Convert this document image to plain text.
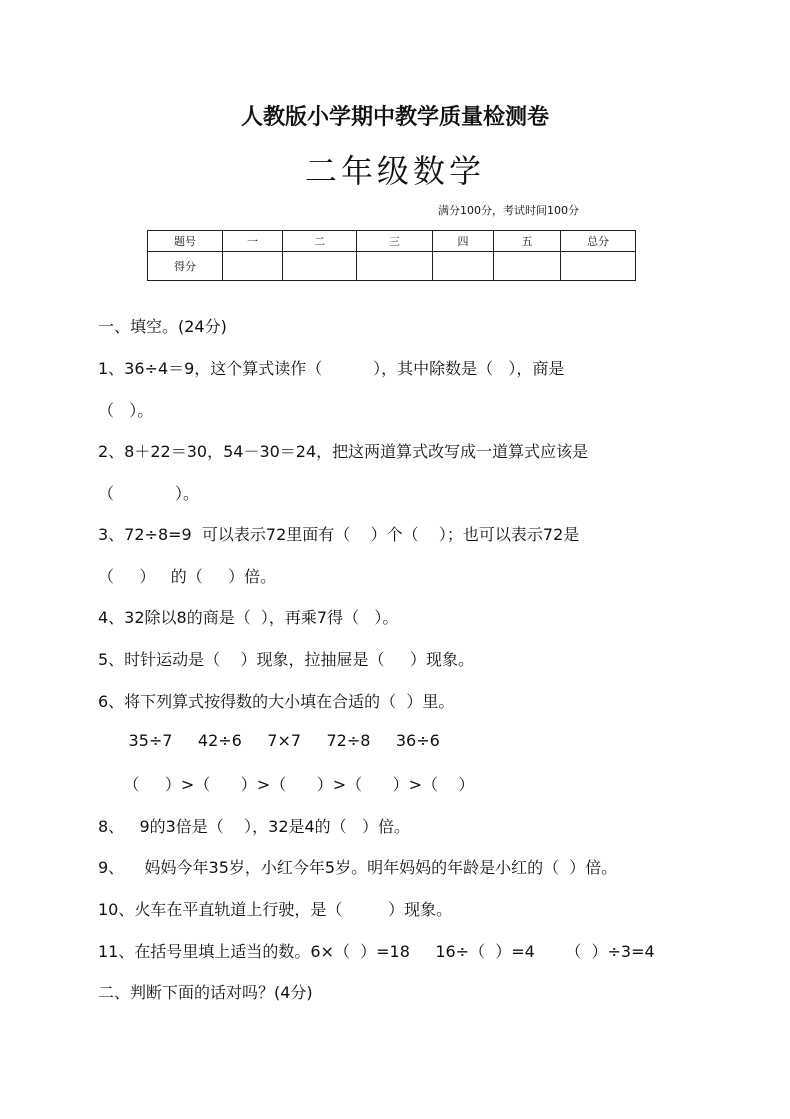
人教版小学期中教学质量检测卷
二年级数学
满分100分，考试时间100分
题号	一	二	三	四	五	总分
得分						
一、填空。(24分)
1、36÷4＝9，这个算式读作（          ），其中除数是（   ），商是
（   ）。
2、8＋22＝30，54－30＝24，把这两道算式改写成一道算式应该是
（            ）。
3、72÷8=9  可以表示72里面有（    ）个（    ）；也可以表示72是
（     ）   的（     ）倍。
4、32除以8的商是（  ），再乘7得（   ）。
5、时针运动是（    ）现象，拉抽屉是（     ）现象。
6、将下列算式按得数的大小填在合适的（  ）里。
35÷7     42÷6     7×7     72÷8     36÷6
（     ）>（      ）>（      ）>（      ）>（    ）
8、   9的3倍是（    ），32是4的（   ）倍。
9、    妈妈今年35岁，小红今年5岁。明年妈妈的年龄是小红的（  ）倍。
10、火车在平直轨道上行驶，是（         ）现象。
11、在括号里填上适当的数。6×（  ）=18     16÷（  ）=4      （  ）÷3=4
二、判断下面的话对吗？(4分)
